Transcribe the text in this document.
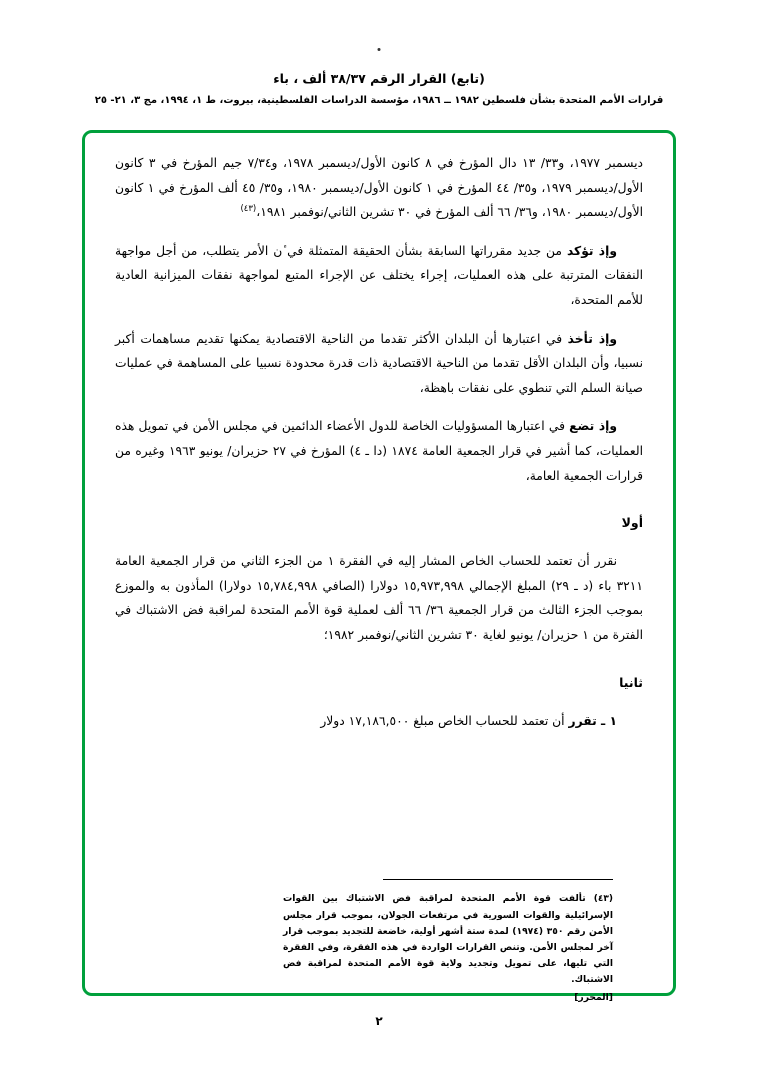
(تابع) القرار الرقم ٣٨/٣٧ ألف ، باء
قرارات الأمم المتحدة بشأن فلسطين ١٩٨٢ ــ ١٩٨٦، مؤسسة الدراسات الفلسطينية، بيروت، ط ١، ١٩٩٤، مج ٣، ٢١- ٢٥

ديسمبر ١٩٧٧، و٣٣/ ١٣ دال المؤرخ في ٨ كانون الأول/ديسمبر ١٩٧٨، و٧/٣٤ جيم المؤرخ في ٣ كانون الأول/ديسمبر ١٩٧٩، و٣٥/ ٤٤ المؤرخ في ١ كانون الأول/ديسمبر ١٩٨٠، و٣٥/ ٤٥ ألف المؤرخ في ١ كانون الأول/ديسمبر ١٩٨٠، و٣٦/ ٦٦ ألف المؤرخ في ٣٠ تشرين الثاني/نوفمبر ١٩٨١،$^{(٤٣)}$

وإذ تؤكد من جديد مقرراتها السابقة بشأن الحقيقة المتمثلة في ٔن الأمر يتطلب، من أجل مواجهة النفقات المترتبة على هذه العمليات، إجراء يختلف عن الإجراء المتبع لمواجهة نفقات الميزانية العادية للأمم المتحدة،

وإذ تأخذ في اعتبارها أن البلدان الأكثر تقدما من الناحية الاقتصادية يمكنها تقديم مساهمات أكبر نسبيا، وأن البلدان الأقل تقدما من الناحية الاقتصادية ذات قدرة محدودة نسبيا على المساهمة في عمليات صيانة السلم التي تنطوي على نفقات باهظة،

وإذ تضع في اعتبارها المسؤوليات الخاصة للدول الأعضاء الدائمين في مجلس الأمن في تمويل هذه العمليات، كما أشير في قرار الجمعية العامة ١٨٧٤ (دا ـ ٤) المؤرخ في ٢٧ حزيران/ يونيو ١٩٦٣ وغيره من قرارات الجمعية العامة،

أولا

نقرر أن تعتمد للحساب الخاص المشار إليه في الفقرة ١ من الجزء الثاني من قرار الجمعية العامة ٣٢١١ باء (د ـ ٢٩) المبلغ الإجمالي ١٥,٩٧٣,٩٩٨ دولارا (الصافي ١٥,٧٨٤,٩٩٨ دولارا) المأذون به والموزع بموجب الجزء الثالث من قرار الجمعية ٣٦/ ٦٦ ألف لعملية قوة الأمم المتحدة لمراقبة فض الاشتباك في الفترة من ١ حزيران/ يونيو لغاية ٣٠ تشرين الثاني/نوفمبر ١٩٨٢؛

ثانيا

١ ـ تقرر أن تعتمد للحساب الخاص مبلغ ١٧,١٨٦,٥٠٠ دولار

(٤٣) تألفت قوة الأمم المتحدة لمراقبة فض الاشتباك بين القوات الإسرائيلية والقوات السورية في مرتفعات الجولان، بموجب قرار مجلس الأمن رقم ٣٥٠ (١٩٧٤) لمدة ستة أشهر أولية، خاضعة للتجديد بموجب قرار آخر لمجلس الأمن. وتنص القرارات الواردة في هذه الفقرة، وفي الفقرة التي تليها، على تمويل وتجديد ولاية قوة الأمم المتحدة لمراقبة فض الاشتباك.
[المحرر]
٢
